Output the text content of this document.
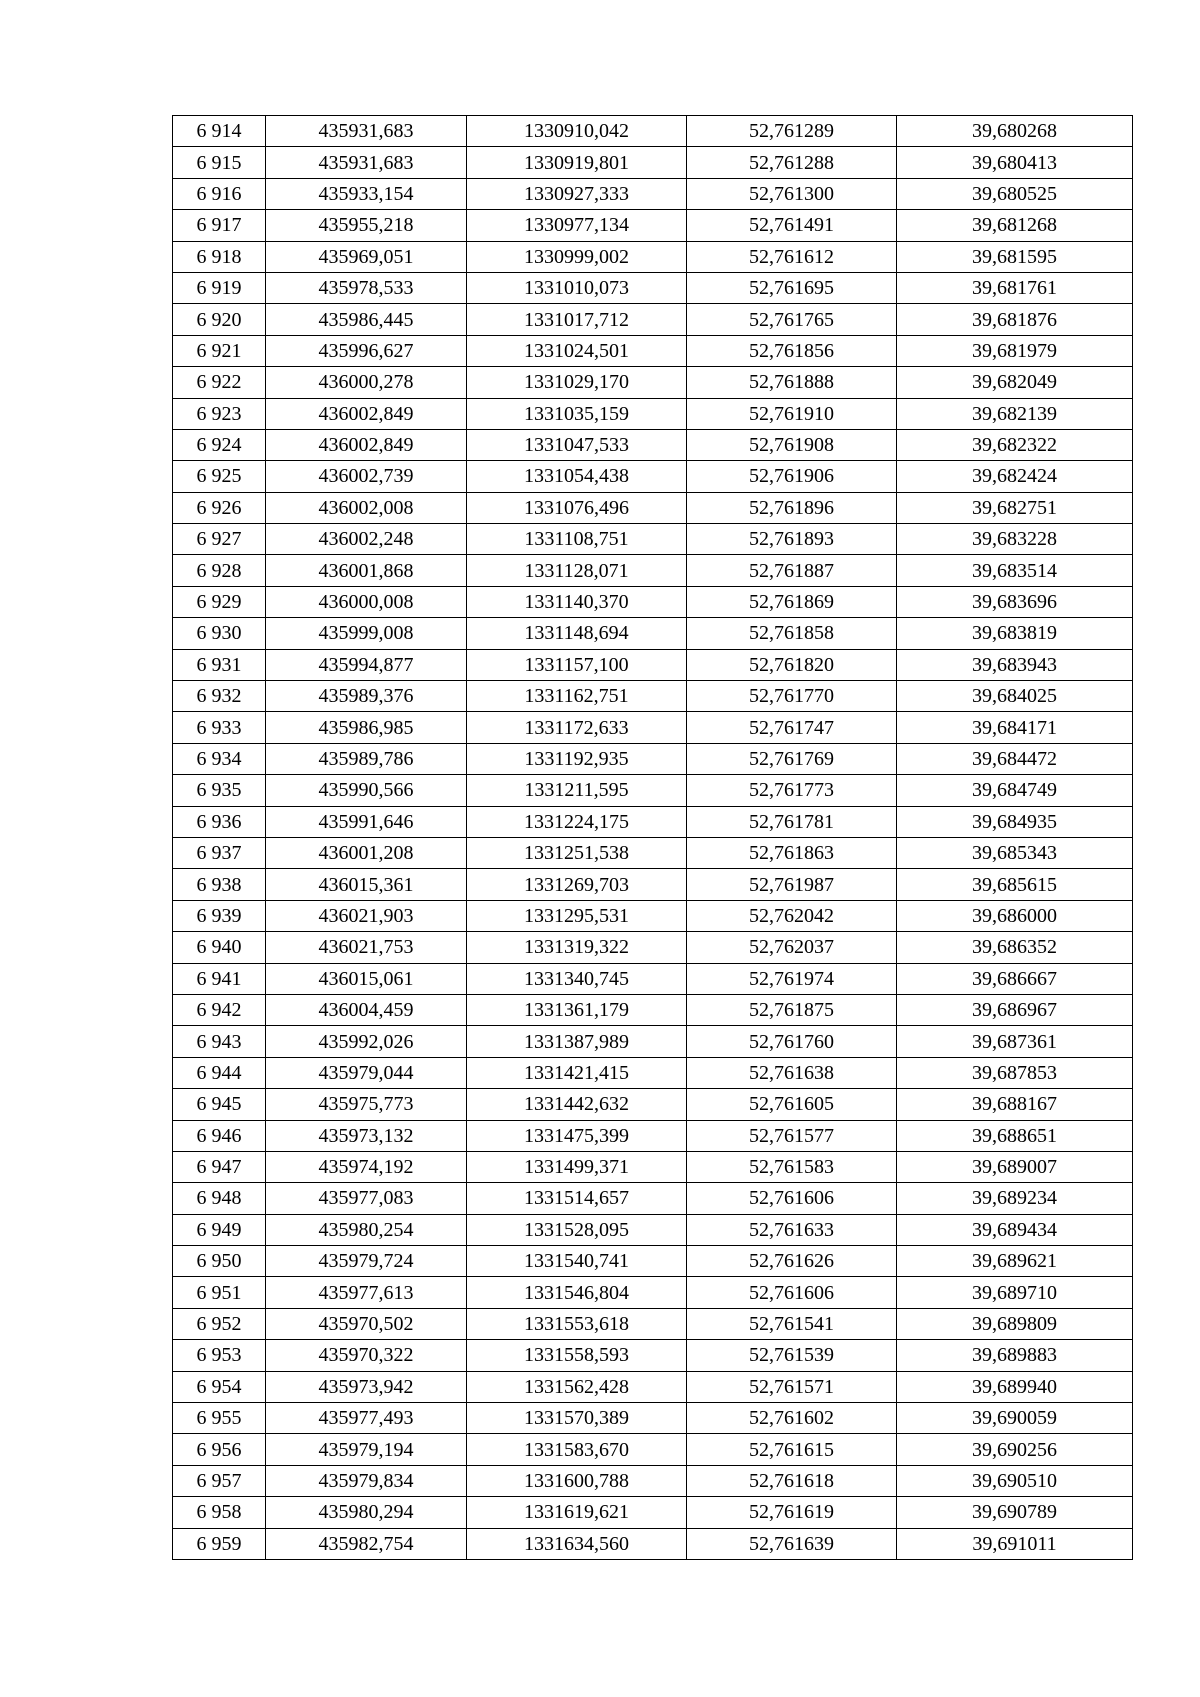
6 914	435931,683	1330910,042	52,761289	39,680268
6 915	435931,683	1330919,801	52,761288	39,680413
6 916	435933,154	1330927,333	52,761300	39,680525
6 917	435955,218	1330977,134	52,761491	39,681268
6 918	435969,051	1330999,002	52,761612	39,681595
6 919	435978,533	1331010,073	52,761695	39,681761
6 920	435986,445	1331017,712	52,761765	39,681876
6 921	435996,627	1331024,501	52,761856	39,681979
6 922	436000,278	1331029,170	52,761888	39,682049
6 923	436002,849	1331035,159	52,761910	39,682139
6 924	436002,849	1331047,533	52,761908	39,682322
6 925	436002,739	1331054,438	52,761906	39,682424
6 926	436002,008	1331076,496	52,761896	39,682751
6 927	436002,248	1331108,751	52,761893	39,683228
6 928	436001,868	1331128,071	52,761887	39,683514
6 929	436000,008	1331140,370	52,761869	39,683696
6 930	435999,008	1331148,694	52,761858	39,683819
6 931	435994,877	1331157,100	52,761820	39,683943
6 932	435989,376	1331162,751	52,761770	39,684025
6 933	435986,985	1331172,633	52,761747	39,684171
6 934	435989,786	1331192,935	52,761769	39,684472
6 935	435990,566	1331211,595	52,761773	39,684749
6 936	435991,646	1331224,175	52,761781	39,684935
6 937	436001,208	1331251,538	52,761863	39,685343
6 938	436015,361	1331269,703	52,761987	39,685615
6 939	436021,903	1331295,531	52,762042	39,686000
6 940	436021,753	1331319,322	52,762037	39,686352
6 941	436015,061	1331340,745	52,761974	39,686667
6 942	436004,459	1331361,179	52,761875	39,686967
6 943	435992,026	1331387,989	52,761760	39,687361
6 944	435979,044	1331421,415	52,761638	39,687853
6 945	435975,773	1331442,632	52,761605	39,688167
6 946	435973,132	1331475,399	52,761577	39,688651
6 947	435974,192	1331499,371	52,761583	39,689007
6 948	435977,083	1331514,657	52,761606	39,689234
6 949	435980,254	1331528,095	52,761633	39,689434
6 950	435979,724	1331540,741	52,761626	39,689621
6 951	435977,613	1331546,804	52,761606	39,689710
6 952	435970,502	1331553,618	52,761541	39,689809
6 953	435970,322	1331558,593	52,761539	39,689883
6 954	435973,942	1331562,428	52,761571	39,689940
6 955	435977,493	1331570,389	52,761602	39,690059
6 956	435979,194	1331583,670	52,761615	39,690256
6 957	435979,834	1331600,788	52,761618	39,690510
6 958	435980,294	1331619,621	52,761619	39,690789
6 959	435982,754	1331634,560	52,761639	39,691011
